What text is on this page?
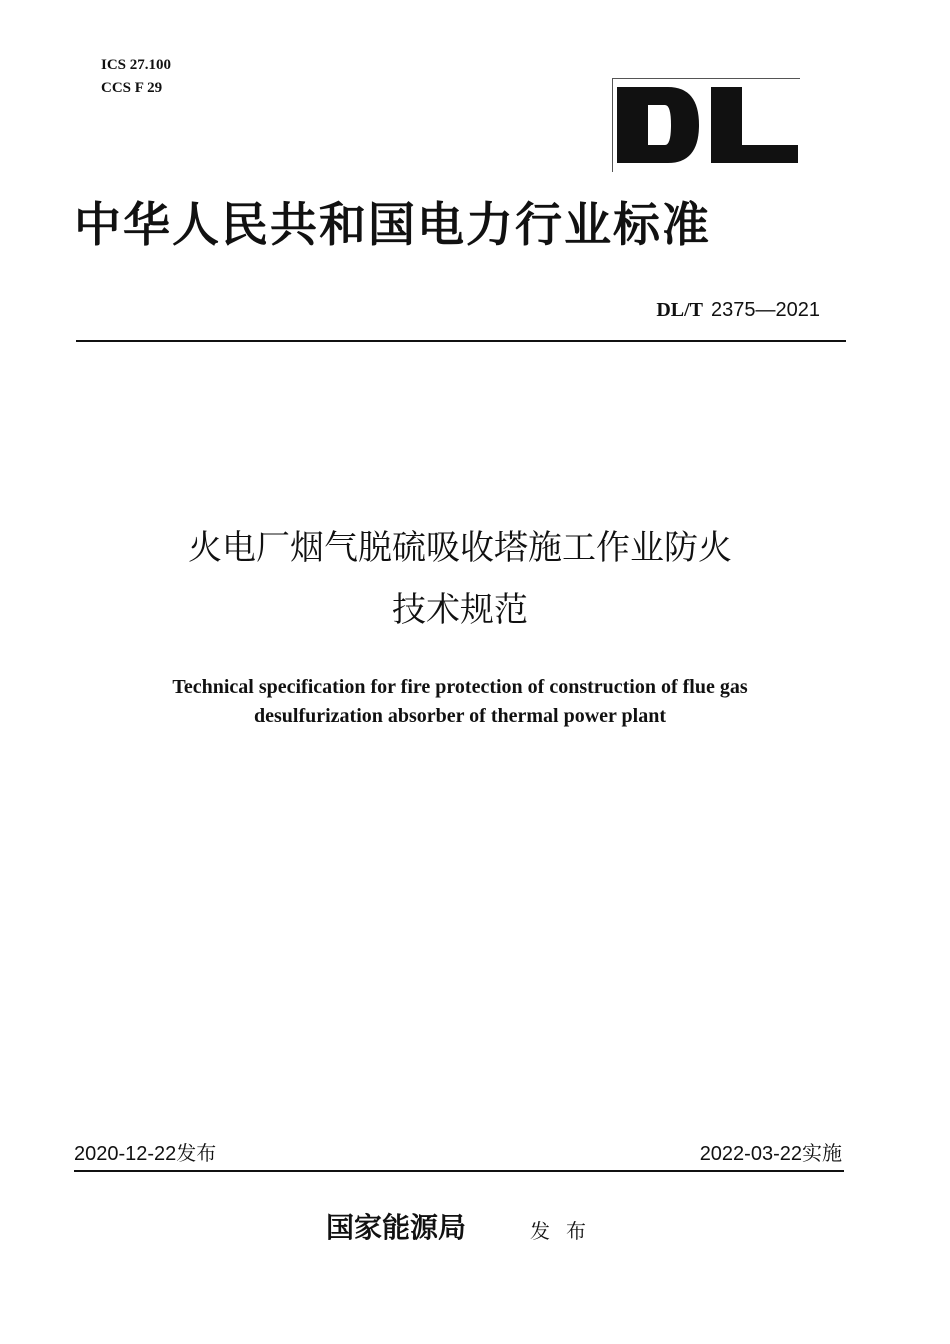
ICS 27.100
CCS F 29
中华人民共和国电力行业标准
DL/T 2375—2021
火电厂烟气脱硫吸收塔施工作业防火
技术规范
Technical specification for fire protection of construction of flue gas
desulfurization absorber of thermal power plant
2020-12-22发布	2022-03-22实施
国家能源局	发布
